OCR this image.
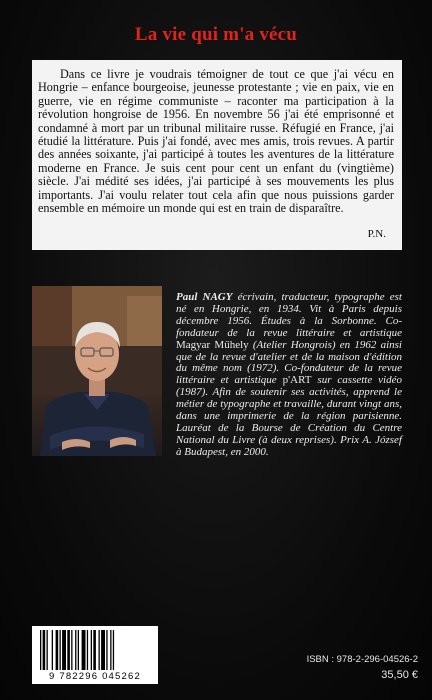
La vie qui m'a vécu
Dans ce livre je voudrais témoigner de tout ce que j'ai vécu en Hongrie – enfance bourgeoise, jeunesse protestante ; vie en paix, vie en guerre, vie en régime communiste – raconter ma participation à la révolution hongroise de 1956. En novembre 56 j'ai été emprisonné et condamné à mort par un tribunal militaire russe. Réfugié en France, j'ai étudié la littérature. Puis j'ai fondé, avec mes amis, trois revues. A partir des années soixante, j'ai participé à toutes les aventures de la littérature moderne en France. Je suis cent pour cent un enfant du (vingtième) siècle. J'ai médité ses idées, j'ai participé à ses mouvements les plus importants. J'ai voulu relater tout cela afin que nous puissions garder ensemble en mémoire un monde qui est en train de disparaître.
P.N.
Paul NAGY écrivain, traducteur, typographe est né en Hongrie, en 1934. Vit à Paris depuis décembre 1956. Études à la Sorbonne. Co-fondateur de la revue littéraire et artistique Magyar Műhely (Atelier Hongrois) en 1962 ainsi que de la revue d'atelier et de la maison d'édition du même nom (1972). Co-fondateur de la revue littéraire et artistique p'ART sur cassette vidéo (1987). Afin de soutenir ses activités, apprend le métier de typographe et travaille, durant vingt ans, dans une imprimerie de la région parisienne. Lauréat de la Bourse de Création du Centre National du Livre (à deux reprises). Prix A. József à Budapest, en 2000.
9 782296 045262
ISBN : 978-2-296-04526-2
35,50 €
